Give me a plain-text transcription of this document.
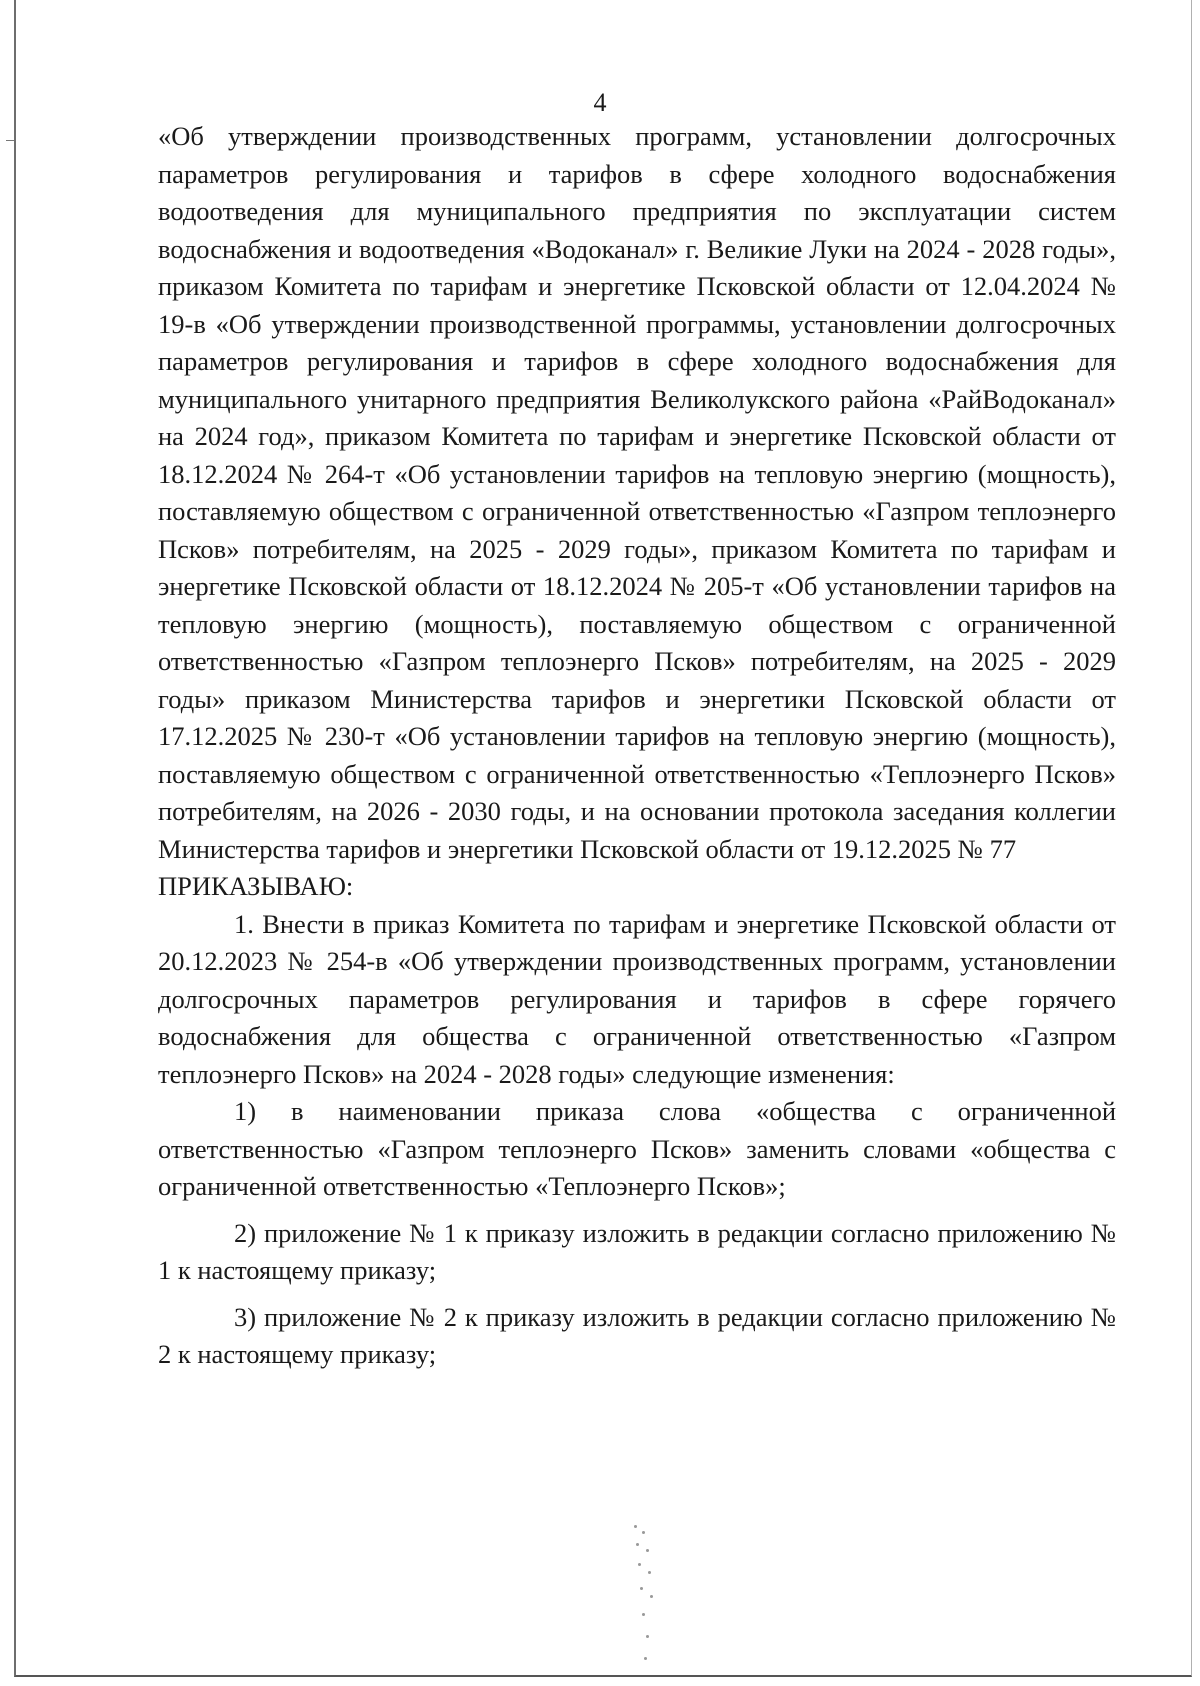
4

«Об утверждении производственных программ, установлении долгосрочных параметров регулирования и тарифов в сфере холодного водоснабжения водоотведения для муниципального предприятия по эксплуатации систем водоснабжения и водоотведения «Водоканал» г. Великие Луки на 2024 - 2028 годы», приказом Комитета по тарифам и энергетике Псковской области от 12.04.2024 № 19-в «Об утверждении производственной программы, установлении долгосрочных параметров регулирования и тарифов в сфере холодного водоснабжения для муниципального унитарного предприятия Великолукского района «РайВодоканал» на 2024 год», приказом Комитета по тарифам и энергетике Псковской области от 18.12.2024 № 264-т «Об установлении тарифов на тепловую энергию (мощность), поставляемую обществом с ограниченной ответственностью «Газпром теплоэнерго Псков» потребителям, на 2025 - 2029 годы», приказом Комитета по тарифам и энергетике Псковской области от 18.12.2024 № 205-т «Об установлении тарифов на тепловую энергию (мощность), поставляемую обществом с ограниченной ответственностью «Газпром теплоэнерго Псков» потребителям, на 2025 - 2029 годы» приказом Министерства тарифов и энергетики Псковской области от 17.12.2025 № 230-т «Об установлении тарифов на тепловую энергию (мощность), поставляемую обществом с ограниченной ответственностью «Теплоэнерго Псков» потребителям, на 2026 - 2030 годы, и на основании протокола заседания коллегии Министерства тарифов и энергетики Псковской области от 19.12.2025 № 77

ПРИКАЗЫВАЮ:

1. Внести в приказ Комитета по тарифам и энергетике Псковской области от 20.12.2023 № 254-в «Об утверждении производственных программ, установлении долгосрочных параметров регулирования и тарифов в сфере горячего водоснабжения для общества с ограниченной ответственностью «Газпром теплоэнерго Псков» на 2024 - 2028 годы» следующие изменения:

1) в наименовании приказа слова «общества с ограниченной ответственностью «Газпром теплоэнерго Псков» заменить словами «общества с ограниченной ответственностью «Теплоэнерго Псков»;

2) приложение № 1 к приказу изложить в редакции согласно приложению № 1 к настоящему приказу;

3) приложение № 2 к приказу изложить в редакции согласно приложению № 2 к настоящему приказу;
